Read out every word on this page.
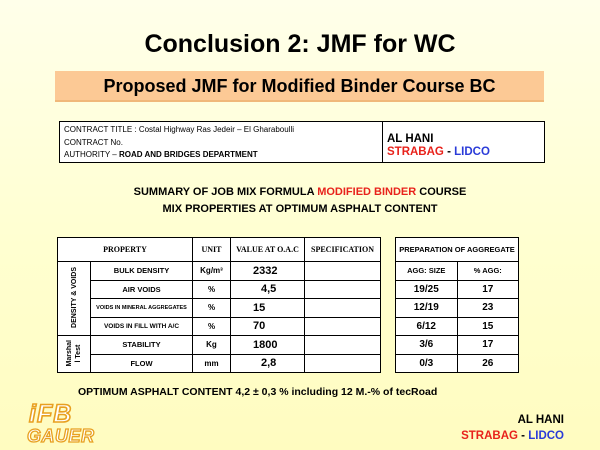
Conclusion 2: JMF for WC
Proposed JMF for Modified Binder Course BC
CONTRACT TITLE : Costal Highway Ras Jedeir – El Gharaboulli
CONTRACT No.
AUTHORITY – ROAD AND BRIDGES DEPARTMENT
AL HANI
STRABAG - LIDCO
SUMMARY OF JOB MIX FORMULA MODIFIED BINDER COURSE
MIX PROPERTIES AT OPTIMUM ASPHALT CONTENT
PROPERTY		UNIT	VALUE AT O.A.C	SPECIFICATION
DENSITY & VOIDS	BULK DENSITY	Kg/m³	2332	
	AIR VOIDS	%	4,5	
	VOIDS IN MINERAL AGGREGATES	%	15	
	VOIDS IN FILL WITH A/C	%	70	
Marshal l Test	STABILITY	Kg	1800	
	FLOW	mm	2,8	
PREPARATION OF AGGREGATE	
AGG: SIZE	% AGG:
19/25	17
12/19	23
6/12	15
3/6	17
0/3	26
OPTIMUM ASPHALT CONTENT 4,2 ± 0,3 % including 12 M.-% of tecRoad
iFB
GAUER
AL HANI
STRABAG - LIDCO
